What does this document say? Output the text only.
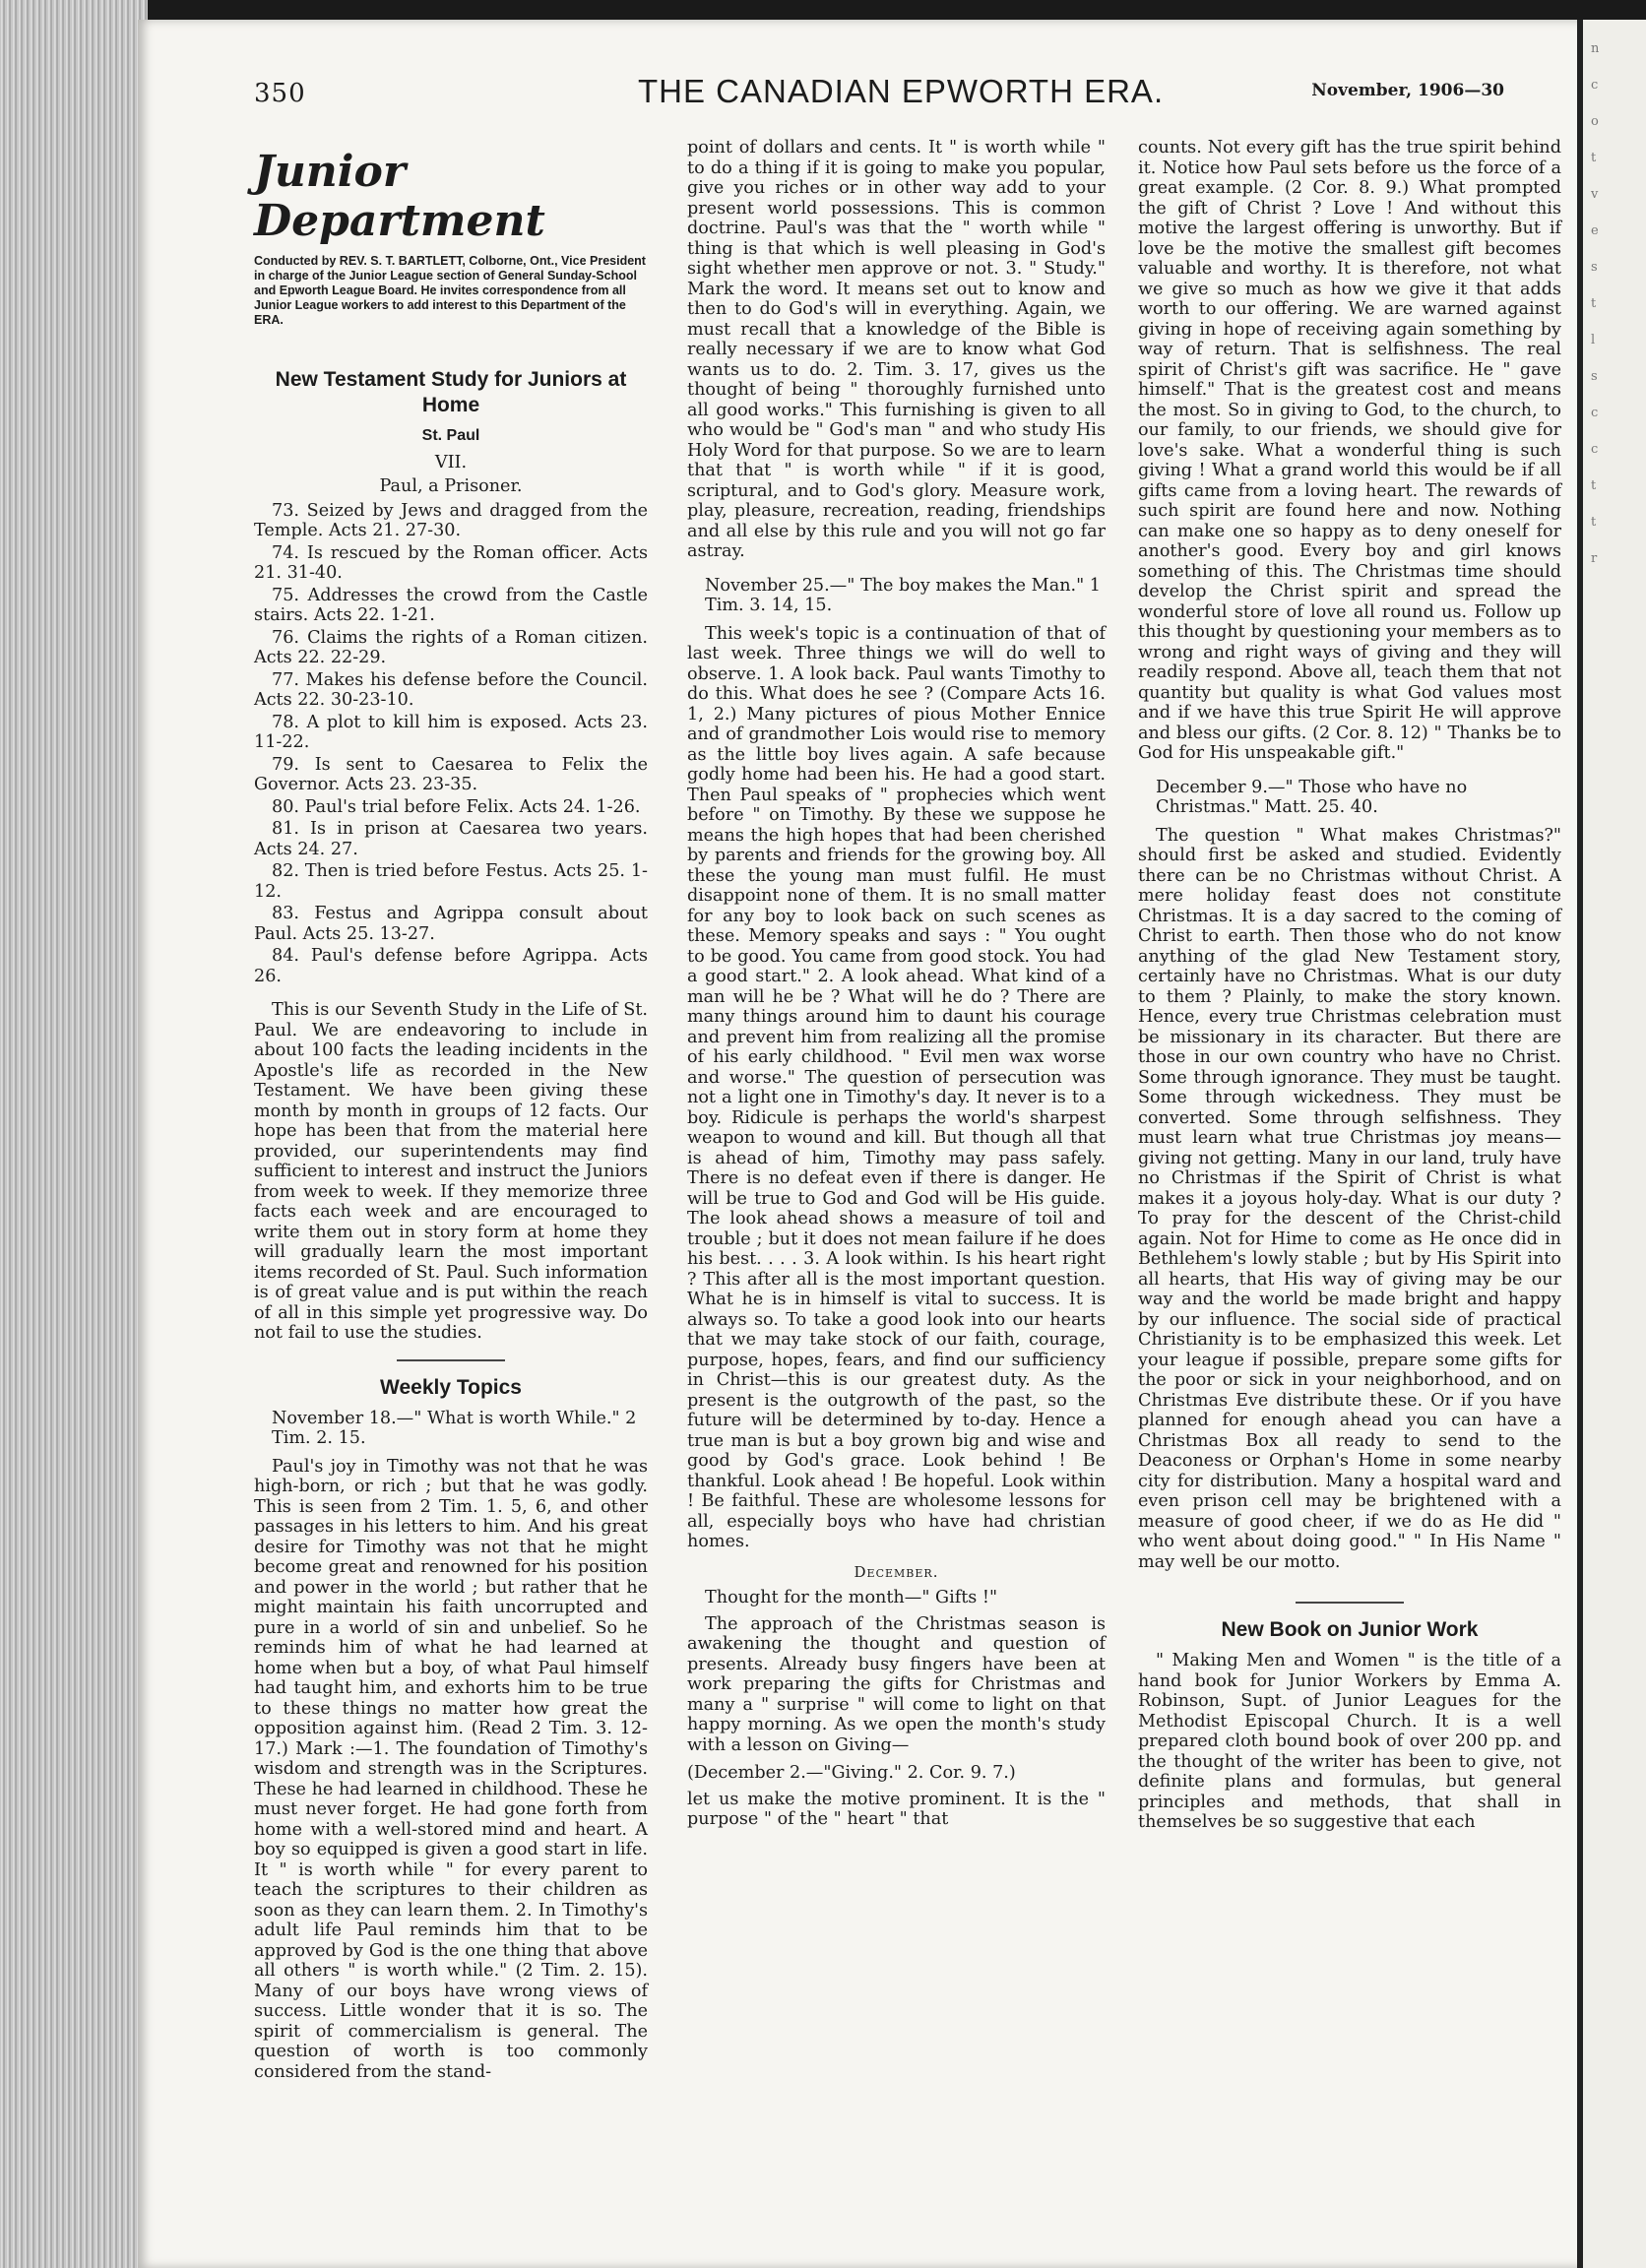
n
c
o
t
v
e
s
t
l
s
c
c
t
t
r
350	THE CANADIAN EPWORTH ERA.	November, 1906—30
Junior Department
Conducted by REV. S. T. BARTLETT, Colborne, Ont., Vice President in charge of the Junior League section of General Sunday-School and Epworth League Board. He invites correspondence from all Junior League workers to add interest to this Department of the ERA.
New Testament Study for Juniors at Home
St. Paul
VII.
Paul, a Prisoner.
73. Seized by Jews and dragged from the Temple. Acts 21. 27-30.
74. Is rescued by the Roman officer. Acts 21. 31-40.
75. Addresses the crowd from the Castle stairs. Acts 22. 1-21.
76. Claims the rights of a Roman citizen. Acts 22. 22-29.
77. Makes his defense before the Council. Acts 22. 30-23-10.
78. A plot to kill him is exposed. Acts 23. 11-22.
79. Is sent to Caesarea to Felix the Governor. Acts 23. 23-35.
80. Paul's trial before Felix. Acts 24. 1-26.
81. Is in prison at Caesarea two years. Acts 24. 27.
82. Then is tried before Festus. Acts 25. 1-12.
83. Festus and Agrippa consult about Paul. Acts 25. 13-27.
84. Paul's defense before Agrippa. Acts 26.

This is our Seventh Study in the Life of St. Paul. We are endeavoring to include in about 100 facts the leading incidents in the Apostle's life as recorded in the New Testament. We have been giving these month by month in groups of 12 facts. Our hope has been that from the material here provided, our superintendents may find sufficient to interest and instruct the Juniors from week to week. If they memorize three facts each week and are encouraged to write them out in story form at home they will gradually learn the most important items recorded of St. Paul. Such information is of great value and is put within the reach of all in this simple yet progressive way. Do not fail to use the studies.

Weekly Topics

November 18.—" What is worth While." 2 Tim. 2. 15.

Paul's joy in Timothy was not that he was high-born, or rich ; but that he was godly. This is seen from 2 Tim. 1. 5, 6, and other passages in his letters to him. And his great desire for Timothy was not that he might become great and renowned for his position and power in the world ; but rather that he might maintain his faith uncorrupted and pure in a world of sin and unbelief. So he reminds him of what he had learned at home when but a boy, of what Paul himself had taught him, and exhorts him to be true to these things no matter how great the opposition against him. (Read 2 Tim. 3. 12-17.) Mark :—1. The foundation of Timothy's wisdom and strength was in the Scriptures. These he had learned in childhood. These he must never forget. He had gone forth from home with a well-stored mind and heart. A boy so equipped is given a good start in life. It " is worth while " for every parent to teach the scriptures to their children as soon as they can learn them. 2. In Timothy's adult life Paul reminds him that to be approved by God is the one thing that above all others " is worth while." (2 Tim. 2. 15). Many of our boys have wrong views of success. Little wonder that it is so. The spirit of commercialism is general. The question of worth is too commonly considered from the stand-

point of dollars and cents. It " is worth while " to do a thing if it is going to make you popular, give you riches or in other way add to your present world possessions. This is common doctrine. Paul's was that the " worth while " thing is that which is well pleasing in God's sight whether men approve or not. 3. " Study." Mark the word. It means set out to know and then to do God's will in everything. Again, we must recall that a knowledge of the Bible is really necessary if we are to know what God wants us to do. 2. Tim. 3. 17, gives us the thought of being " thoroughly furnished unto all good works." This furnishing is given to all who would be " God's man " and who study His Holy Word for that purpose. So we are to learn that that " is worth while " if it is good, scriptural, and to God's glory. Measure work, play, pleasure, recreation, reading, friendships and all else by this rule and you will not go far astray.

November 25.—" The boy makes the Man." 1 Tim. 3. 14, 15.

This week's topic is a continuation of that of last week. Three things we will do well to observe. 1. A look back. Paul wants Timothy to do this. What does he see ? (Compare Acts 16. 1, 2.) Many pictures of pious Mother Ennice and of grandmother Lois would rise to memory as the little boy lives again. A safe because godly home had been his. He had a good start. Then Paul speaks of " prophecies which went before " on Timothy. By these we suppose he means the high hopes that had been cherished by parents and friends for the growing boy. All these the young man must fulfil. He must disappoint none of them. It is no small matter for any boy to look back on such scenes as these. Memory speaks and says : " You ought to be good. You came from good stock. You had a good start." 2. A look ahead. What kind of a man will he be ? What will he do ? There are many things around him to daunt his courage and prevent him from realizing all the promise of his early childhood. " Evil men wax worse and worse." The question of persecution was not a light one in Timothy's day. It never is to a boy. Ridicule is perhaps the world's sharpest weapon to wound and kill. But though all that is ahead of him, Timothy may pass safely. There is no defeat even if there is danger. He will be true to God and God will be His guide. The look ahead shows a measure of toil and trouble ; but it does not mean failure if he does his best. . . . 3. A look within. Is his heart right ? This after all is the most important question. What he is in himself is vital to success. It is always so. To take a good look into our hearts that we may take stock of our faith, courage, purpose, hopes, fears, and find our sufficiency in Christ—this is our greatest duty. As the present is the outgrowth of the past, so the future will be determined by to-day. Hence a true man is but a boy grown big and wise and good by God's grace. Look behind ! Be thankful. Look ahead ! Be hopeful. Look within ! Be faithful. These are wholesome lessons for all, especially boys who have had christian homes.

December.
Thought for the month—" Gifts !"

The approach of the Christmas season is awakening the thought and question of presents. Already busy fingers have been at work preparing the gifts for Christmas and many a " surprise " will come to light on that happy morning. As we open the month's study with a lesson on Giving—

(December 2.—"Giving." 2. Cor. 9. 7.)

let us make the motive prominent. It is the " purpose " of the " heart " that

counts. Not every gift has the true spirit behind it. Notice how Paul sets before us the force of a great example. (2 Cor. 8. 9.) What prompted the gift of Christ ? Love ! And without this motive the largest offering is unworthy. But if love be the motive the smallest gift becomes valuable and worthy. It is therefore, not what we give so much as how we give it that adds worth to our offering. We are warned against giving in hope of receiving again something by way of return. That is selfishness. The real spirit of Christ's gift was sacrifice. He " gave himself." That is the greatest cost and means the most. So in giving to God, to the church, to our family, to our friends, we should give for love's sake. What a wonderful thing is such giving ! What a grand world this would be if all gifts came from a loving heart. The rewards of such spirit are found here and now. Nothing can make one so happy as to deny oneself for another's good. Every boy and girl knows something of this. The Christmas time should develop the Christ spirit and spread the wonderful store of love all round us. Follow up this thought by questioning your members as to wrong and right ways of giving and they will readily respond. Above all, teach them that not quantity but quality is what God values most and if we have this true Spirit He will approve and bless our gifts. (2 Cor. 8. 12) " Thanks be to God for His unspeakable gift."

December 9.—" Those who have no Christmas." Matt. 25. 40.

The question " What makes Christmas?" should first be asked and studied. Evidently there can be no Christmas without Christ. A mere holiday feast does not constitute Christmas. It is a day sacred to the coming of Christ to earth. Then those who do not know anything of the glad New Testament story, certainly have no Christmas. What is our duty to them ? Plainly, to make the story known. Hence, every true Christmas celebration must be missionary in its character. But there are those in our own country who have no Christ. Some through ignorance. They must be taught. Some through wickedness. They must be converted. Some through selfishness. They must learn what true Christmas joy means—giving not getting. Many in our land, truly have no Christmas if the Spirit of Christ is what makes it a joyous holy-day. What is our duty ? To pray for the descent of the Christ-child again. Not for Hime to come as He once did in Bethlehem's lowly stable ; but by His Spirit into all hearts, that His way of giving may be our way and the world be made bright and happy by our influence. The social side of practical Christianity is to be emphasized this week. Let your league if possible, prepare some gifts for the poor or sick in your neighborhood, and on Christmas Eve distribute these. Or if you have planned for enough ahead you can have a Christmas Box all ready to send to the Deaconess or Orphan's Home in some nearby city for distribution. Many a hospital ward and even prison cell may be brightened with a measure of good cheer, if we do as He did " who went about doing good." " In His Name " may well be our motto.

New Book on Junior Work

" Making Men and Women " is the title of a hand book for Junior Workers by Emma A. Robinson, Supt. of Junior Leagues for the Methodist Episcopal Church. It is a well prepared cloth bound book of over 200 pp. and the thought of the writer has been to give, not definite plans and formulas, but general principles and methods, that shall in themselves be so suggestive that each
